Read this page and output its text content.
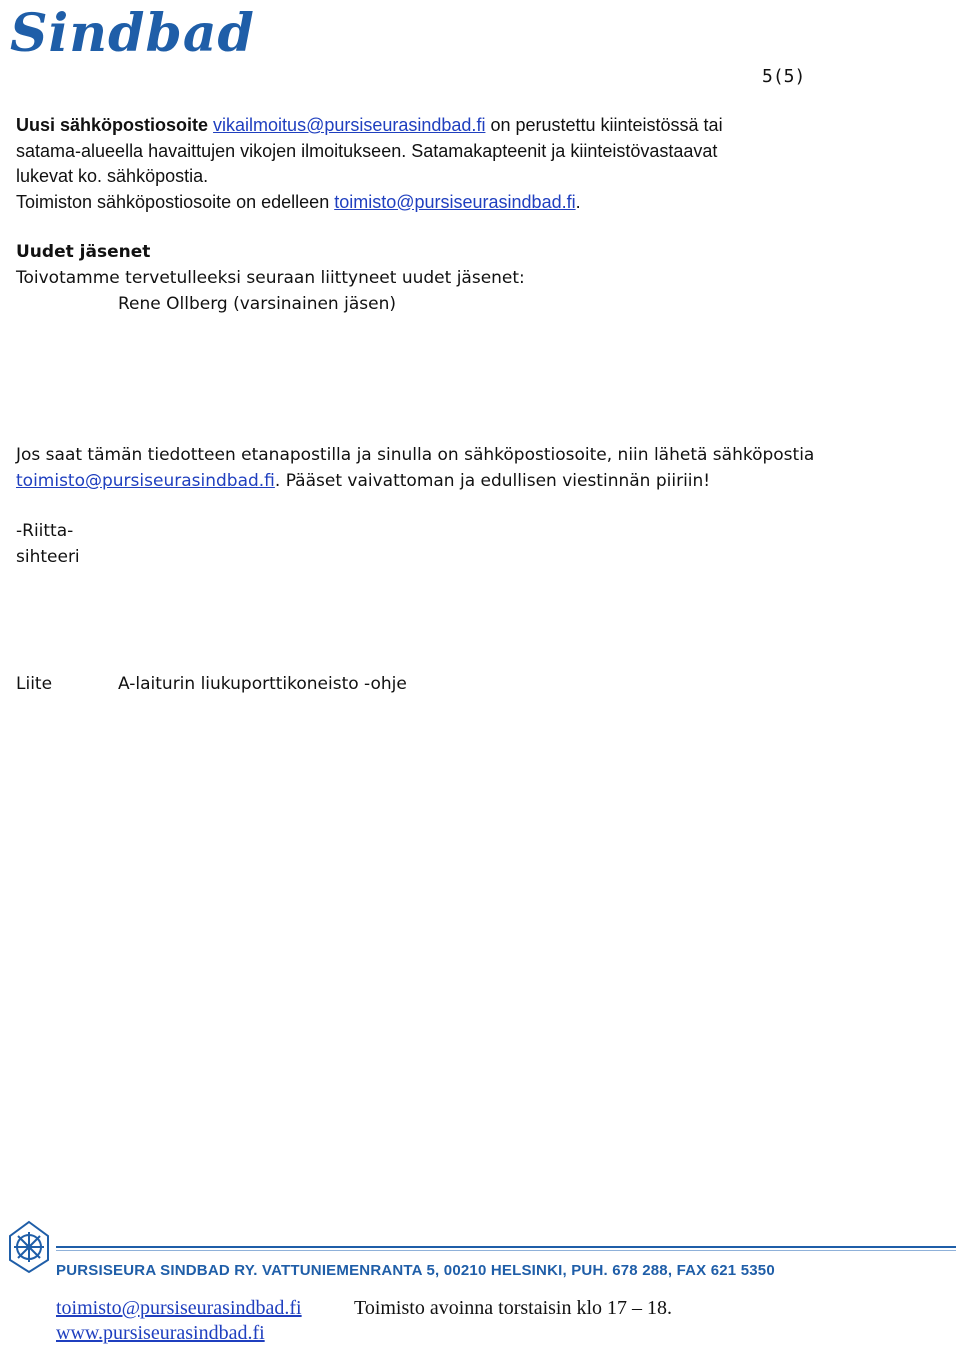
Sindbad
5(5)
Uusi sähköpostiosoite vikailmoitus@pursiseurasindbad.fi on perustettu kiinteistössä tai
satama-alueella havaittujen vikojen ilmoitukseen. Satamakapteenit ja kiinteistövastaavat
lukevat ko. sähköpostia.
Toimiston sähköpostiosoite on edelleen toimisto@pursiseurasindbad.fi.
Uudet jäsenet
Toivotamme tervetulleeksi seuraan liittyneet uudet jäsenet:
Rene Ollberg (varsinainen jäsen)
Jos saat tämän tiedotteen etanapostilla ja sinulla on sähköpostiosoite, niin lähetä sähköpostia
toimisto@pursiseurasindbad.fi. Pääset vaivattoman ja edullisen viestinnän piiriin!
-Riitta-
sihteeri
Liite	A-laiturin liukuporttikoneisto -ohje
PURSISEURA SINDBAD RY. VATTUNIEMENRANTA 5, 00210 HELSINKI, PUH. 678 288, FAX 621 5350
toimisto@pursiseurasindbad.fi	Toimisto avoinna torstaisin klo 17 – 18.
www.pursiseurasindbad.fi
